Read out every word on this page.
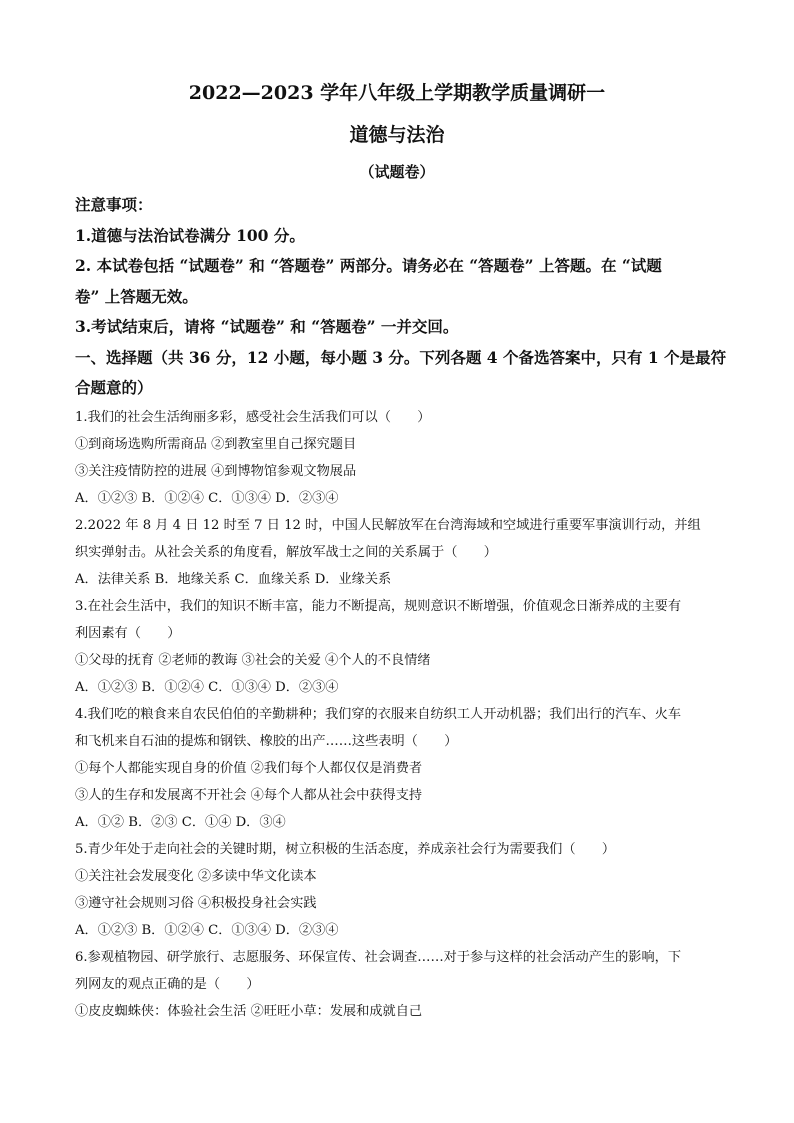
2022—2023 学年八年级上学期教学质量调研一
道德与法治
（试题卷）
注意事项：
1.道德与法治试卷满分 100 分。
2. 本试卷包括 “试题卷” 和 “答题卷” 两部分。请务必在 “答题卷” 上答题。在 “试题
卷” 上答题无效。
3.考试结束后，请将 “试题卷” 和 “答题卷” 一并交回。
一、选择题（共 36 分，12 小题，每小题 3 分。下列各题 4 个备选答案中，只有 1 个是最符
合题意的）
1.我们的社会生活绚丽多彩，感受社会生活我们可以（　　）
①到商场选购所需商品 ②到教室里自己探究题目
③关注疫情防控的进展 ④到博物馆参观文物展品
A．①②③ B．①②④ C．①③④ D．②③④
2.2022 年 8 月 4 日 12 时至 7 日 12 时，中国人民解放军在台湾海域和空域进行重要军事演训行动，并组
织实弹射击。从社会关系的角度看，解放军战士之间的关系属于（　　）
A．法律关系 B．地缘关系 C．血缘关系 D．业缘关系
3.在社会生活中，我们的知识不断丰富，能力不断提高，规则意识不断增强，价值观念日渐养成的主要有
利因素有（　　）
①父母的抚育 ②老师的教诲 ③社会的关爱 ④个人的不良情绪
A．①②③ B．①②④ C．①③④ D．②③④
4.我们吃的粮食来自农民伯伯的辛勤耕种；我们穿的衣服来自纺织工人开动机器；我们出行的汽车、火车
和飞机来自石油的提炼和钢铁、橡胶的出产……这些表明（　　）
①每个人都能实现自身的价值 ②我们每个人都仅仅是消费者
③人的生存和发展离不开社会 ④每个人都从社会中获得支持
A．①② B．②③ C．①④ D．③④
5.青少年处于走向社会的关键时期，树立积极的生活态度，养成亲社会行为需要我们（　　）
①关注社会发展变化 ②多读中华文化读本
③遵守社会规则习俗 ④积极投身社会实践
A．①②③ B．①②④ C．①③④ D．②③④
6.参观植物园、研学旅行、志愿服务、环保宣传、社会调查……对于参与这样的社会活动产生的影响，下
列网友的观点正确的是（　　）
①皮皮蜘蛛侠：体验社会生活 ②旺旺小草：发展和成就自己
